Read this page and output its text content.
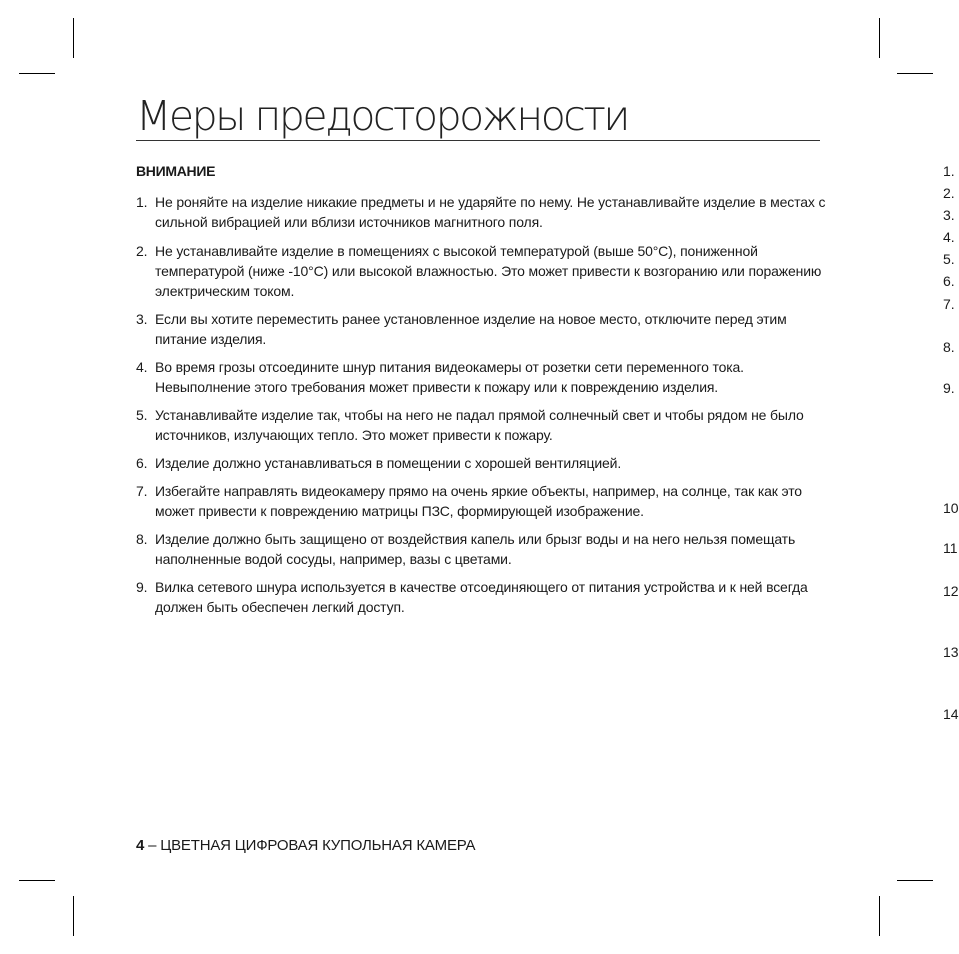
Меры предосторожности
ВНИМАНИЕ
1. Не роняйте на изделие никакие предметы и не ударяйте по нему. Не устанавливайте изделие в местах с сильной вибрацией или вблизи источников магнитного поля.
2. Не устанавливайте изделие в помещениях с высокой температурой (выше 50°C), пониженной температурой (ниже -10°C) или высокой влажностью. Это может привести к возгоранию или поражению электрическим током.
3. Если вы хотите переместить ранее установленное изделие на новое место, отключите перед этим питание изделия.
4. Во время грозы отсоедините шнур питания видеокамеры от розетки сети переменного тока. Невыполнение этого требования может привести к пожару или к повреждению изделия.
5. Устанавливайте изделие так, чтобы на него не падал прямой солнечный свет и чтобы рядом не было источников, излучающих тепло. Это может привести к пожару.
6. Изделие должно устанавливаться в помещении с хорошей вентиляцией.
7. Избегайте направлять видеокамеру прямо на очень яркие объекты, например, на солнце, так как это может привести к повреждению матрицы ПЗС, формирующей изображение.
8. Изделие должно быть защищено от воздействия капель или брызг воды и на него нельзя помещать наполненные водой сосуды, например, вазы с цветами.
9. Вилка сетевого шнура используется в качестве отсоединяющего от питания устройства и к ней всегда должен быть обеспечен легкий доступ.
4 – ЦВЕТНАЯ ЦИФРОВАЯ КУПОЛЬНАЯ КАМЕРА
1.
2.
3.
4.
5.
6.
7.
8.
9.
10
11
12
13
14
